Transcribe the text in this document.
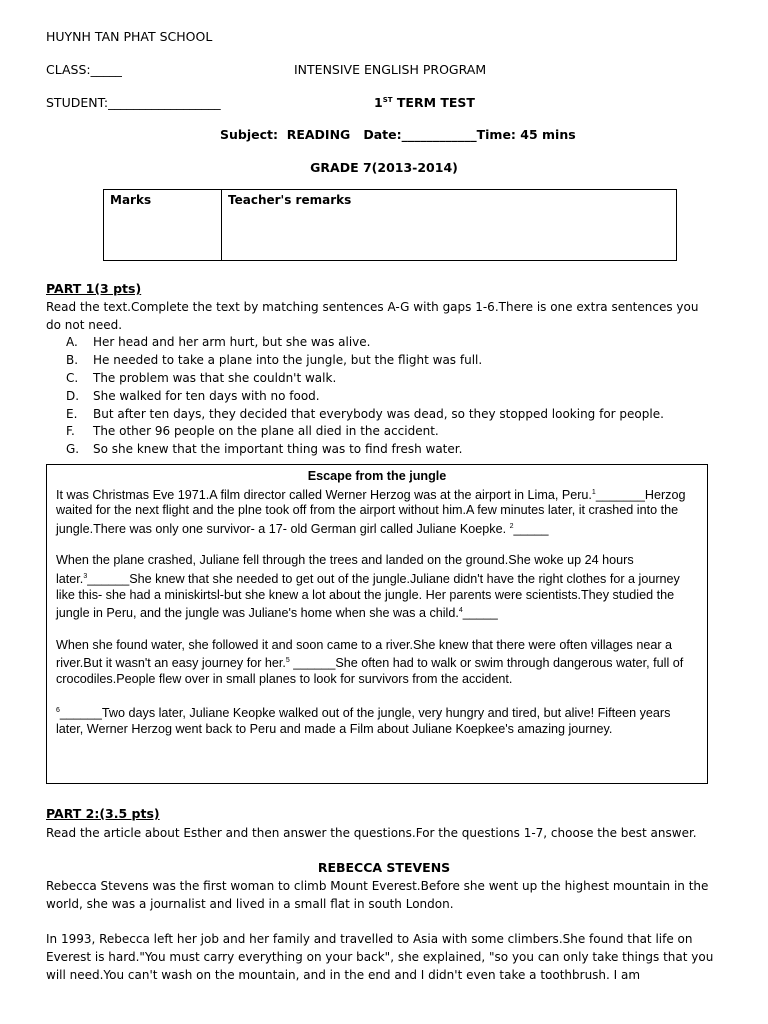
HUYNH TAN PHAT SCHOOL
CLASS:_____	INTENSIVE ENGLISH PROGRAM
STUDENT:__________________	1ST TERM TEST
Subject:  READING   Date:____________Time: 45 mins
GRADE 7(2013-2014)
Marks	Teacher's remarks
PART 1(3 pts)
Read the text.Complete the text by matching sentences A-G with gaps 1-6.There is one extra sentences you do not need.
A. Her head and her arm hurt, but she was alive.
B. He needed to take a plane into the jungle, but the flight was full.
C. The problem was that she couldn't walk.
D. She walked for ten days with no food.
E. But after ten days, they decided that everybody was dead, so they stopped looking for people.
F. The other 96 people on the plane all died in the accident.
G. So she knew that the important thing was to find fresh water.
Escape from the jungle

It was Christmas Eve 1971.A film director called Werner Herzog was at the airport in Lima, Peru.$^1$_______Herzog waited for the next flight and the plne took off from the airport without him.A few minutes later, it crashed into the jungle.There was only one survivor- a 17- old German girl called Juliane Koepke. $^2$_____

When the plane crashed, Juliane fell through the trees and landed on the ground.She woke up 24 hours later.$^3$______She knew that she needed to get out of the jungle.Juliane didn't have the right clothes for a journey like this- she had a miniskirtsl-but she knew a lot about the jungle. Her parents were scientists.They studied the jungle in Peru, and the jungle was Juliane's home when she was a child.$^4$_____

When she found water, she followed it and soon came to a river.She knew that there were often villages near a river.But it wasn't an easy journey for her.$^5$ ______She often had to walk or swim through dangerous water, full of crocodiles.People flew over in small planes to look for survivors from the accident.

$^6$______Two days later, Juliane Keopke walked out of the jungle, very hungry and tired, but alive! Fifteen years later, Werner Herzog went back to Peru and made a Film about Juliane Koepkee's amazing journey.

PART 2:(3.5 pts)
Read the article about Esther and then answer the questions.For the questions 1-7, choose the best answer.
REBECCA STEVENS
Rebecca Stevens was the first woman to climb Mount Everest.Before she went up the highest mountain in the world, she was a journalist and lived in a small flat in south London.
In 1993, Rebecca left her job and her family and travelled to Asia with some climbers.She found that life on Everest is hard."You must carry everything on your back", she explained, "so you can only take things that you will need.You can't wash on the mountain, and in the end and I didn't even take a toothbrush. I am
